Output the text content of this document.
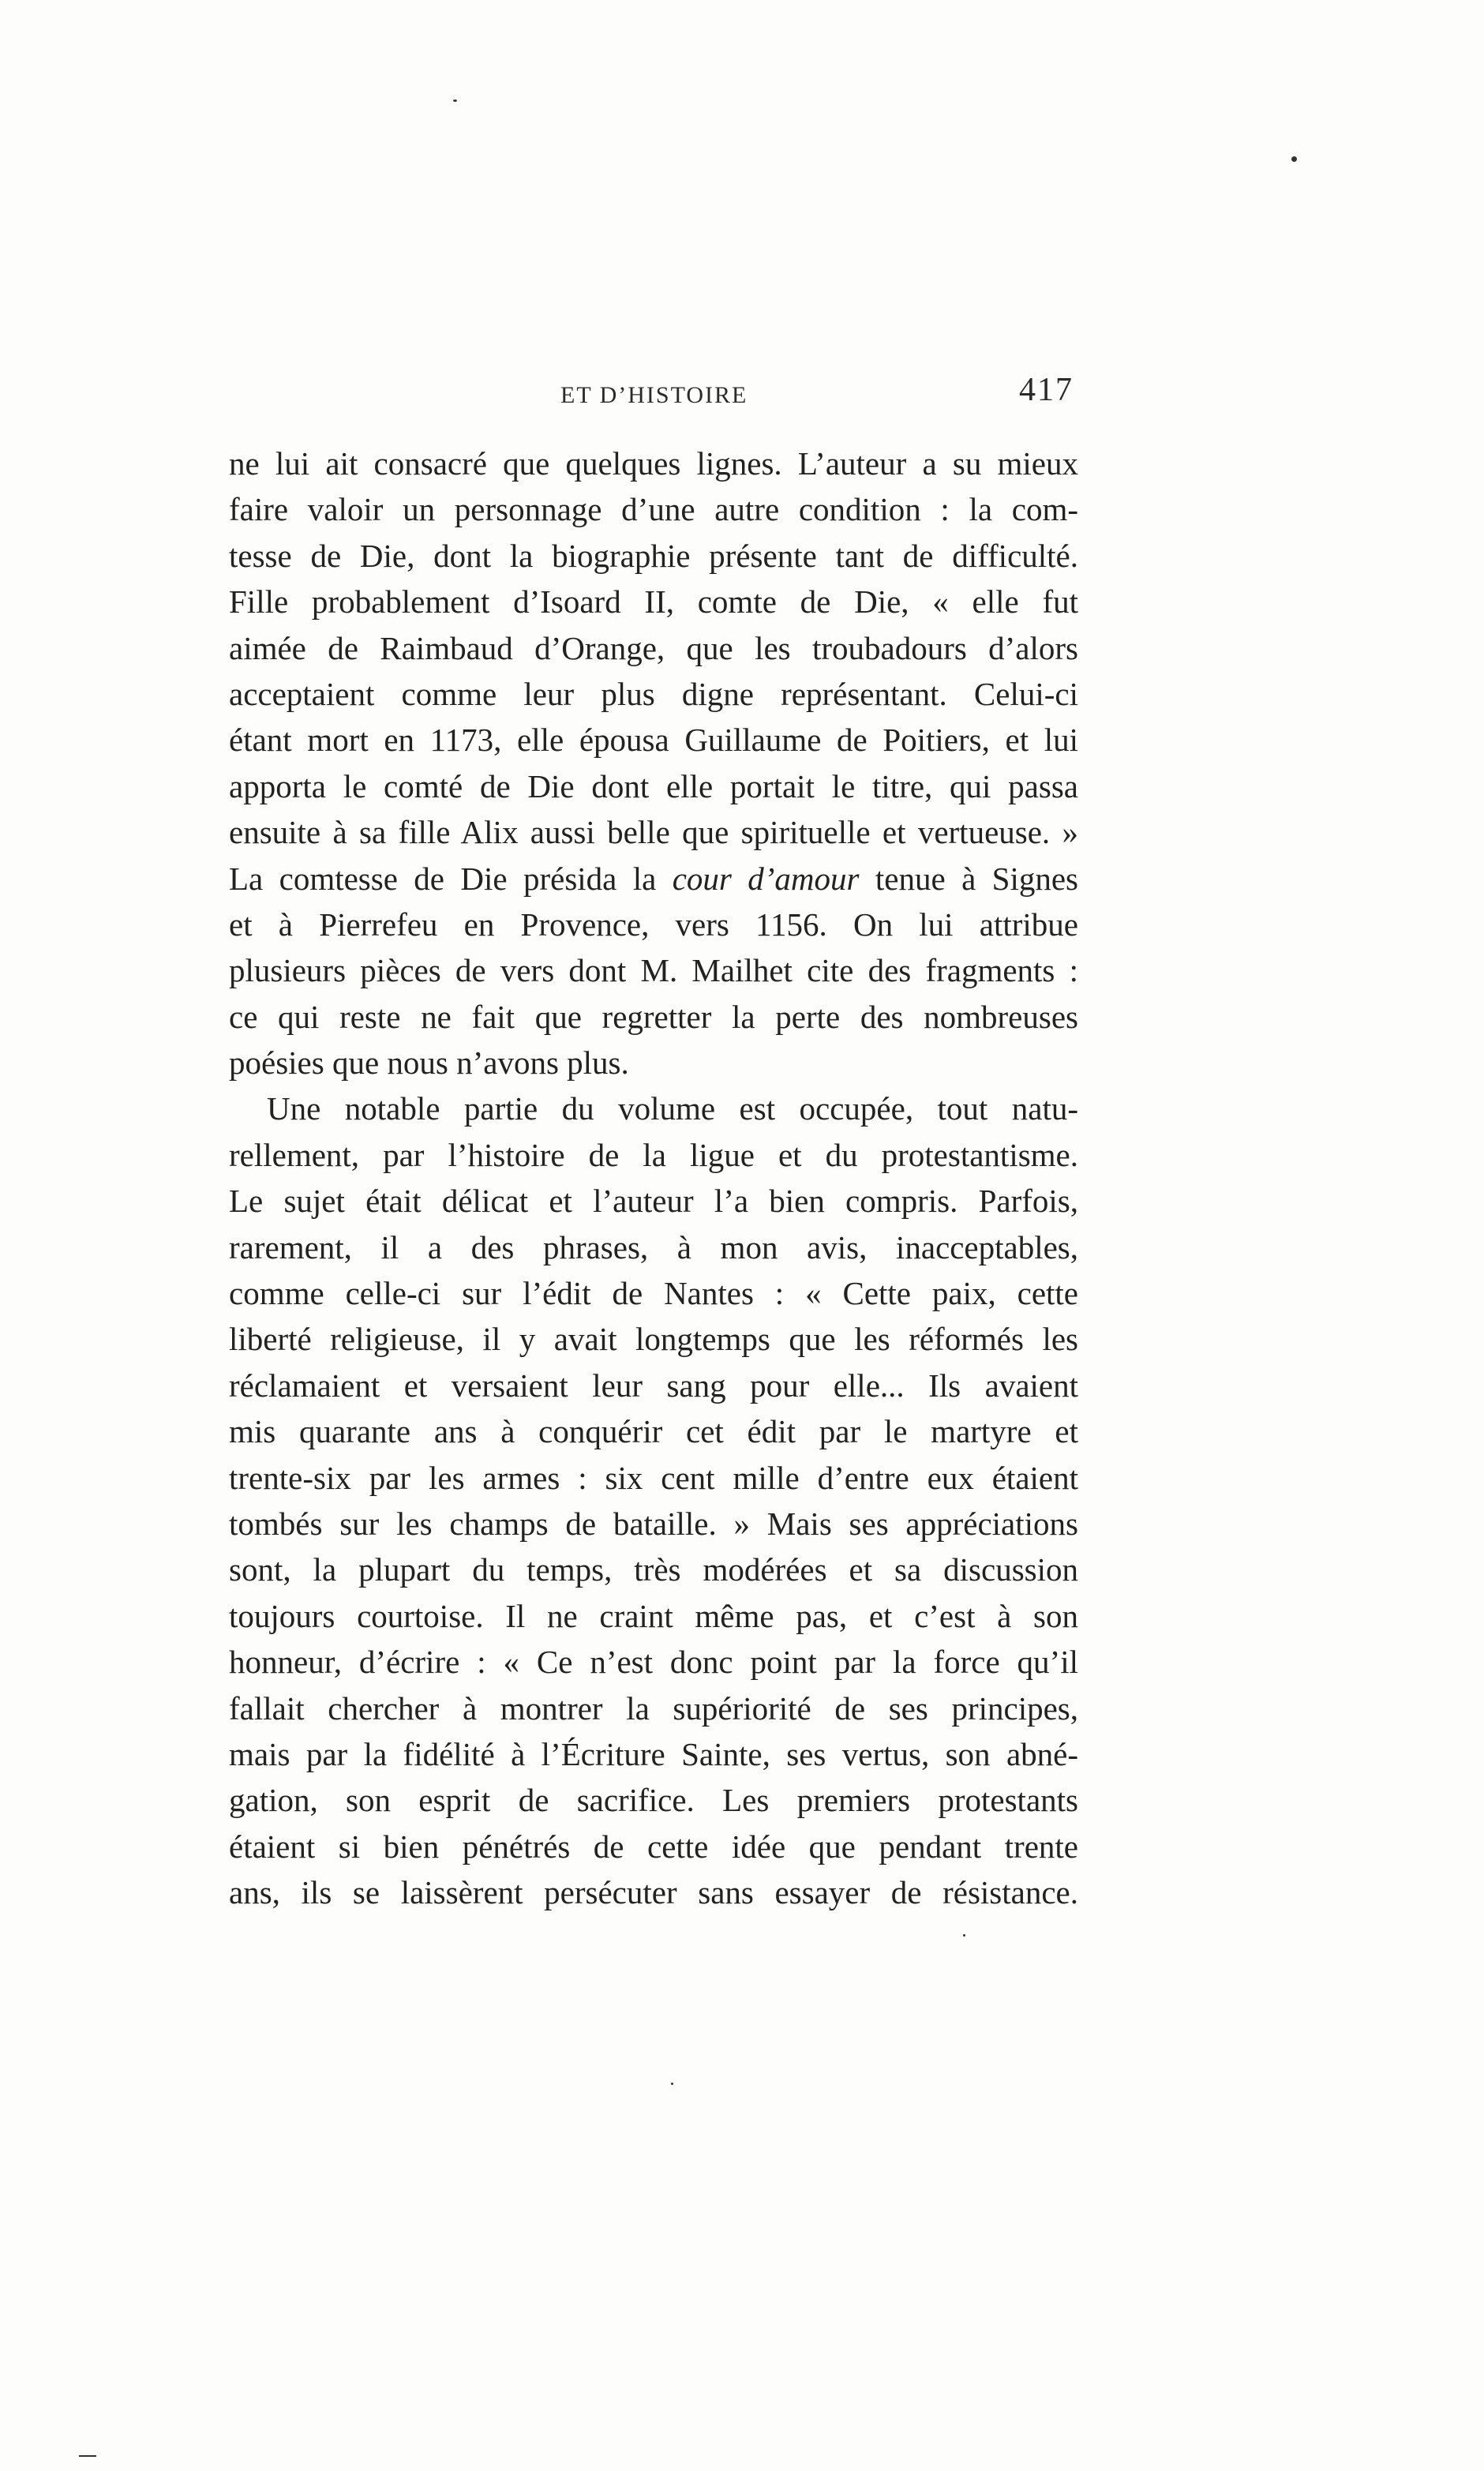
ET D’HISTOIRE	417
ne lui ait consacré que quelques lignes. L’auteur a su mieux
faire valoir un personnage d’une autre condition : la com-
tesse de Die, dont la biographie présente tant de difficulté.
Fille probablement d’Isoard II, comte de Die, « elle fut
aimée de Raimbaud d’Orange, que les troubadours d’alors
acceptaient comme leur plus digne représentant. Celui-ci
étant mort en 1173, elle épousa Guillaume de Poitiers, et lui
apporta le comté de Die dont elle portait le titre, qui passa
ensuite à sa fille Alix aussi belle que spirituelle et vertueuse. »
La comtesse de Die présida la cour d’amour tenue à Signes
et à Pierrefeu en Provence, vers 1156. On lui attribue
plusieurs pièces de vers dont M. Mailhet cite des fragments :
ce qui reste ne fait que regretter la perte des nombreuses
poésies que nous n’avons plus.
Une notable partie du volume est occupée, tout natu-
rellement, par l’histoire de la ligue et du protestantisme.
Le sujet était délicat et l’auteur l’a bien compris. Parfois,
rarement, il a des phrases, à mon avis, inacceptables,
comme celle-ci sur l’édit de Nantes : « Cette paix, cette
liberté religieuse, il y avait longtemps que les réformés les
réclamaient et versaient leur sang pour elle... Ils avaient
mis quarante ans à conquérir cet édit par le martyre et
trente-six par les armes : six cent mille d’entre eux étaient
tombés sur les champs de bataille. » Mais ses appréciations
sont, la plupart du temps, très modérées et sa discussion
toujours courtoise. Il ne craint même pas, et c’est à son
honneur, d’écrire : « Ce n’est donc point par la force qu’il
fallait chercher à montrer la supériorité de ses principes,
mais par la fidélité à l’Écriture Sainte, ses vertus, son abné-
gation, son esprit de sacrifice. Les premiers protestants
étaient si bien pénétrés de cette idée que pendant trente
ans, ils se laissèrent persécuter sans essayer de résistance.
